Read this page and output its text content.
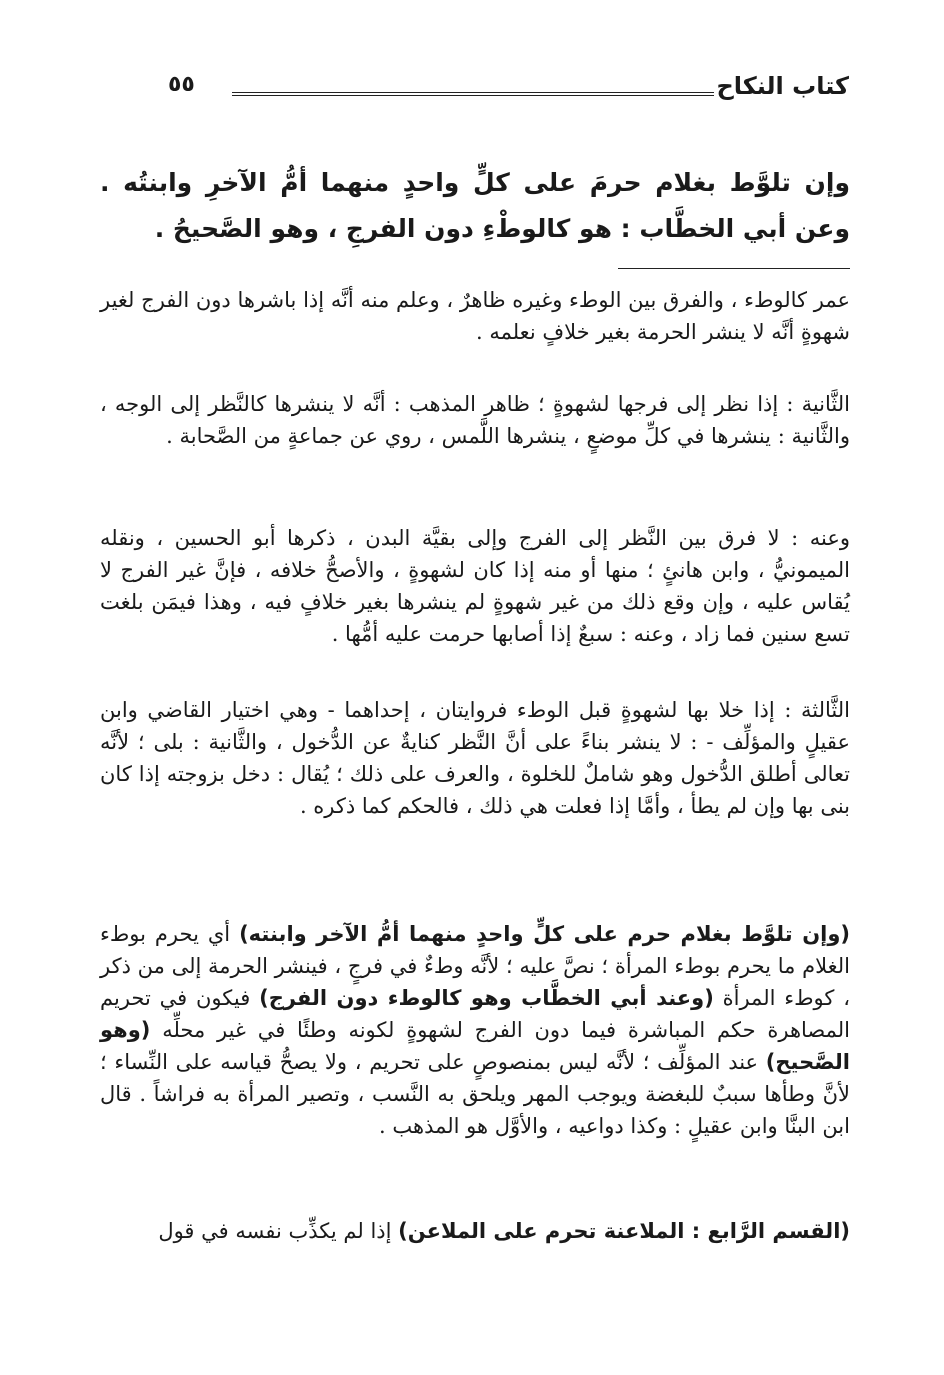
كتاب النكاح
٥٥
وإن تلوَّط بغلام حرمَ على كلٍّ واحدٍ منهما أمُّ الآخرِ وابنتُه . وعن أبي الخطَّاب : هو كالوطْءِ دون الفرجِ ، وهو الصَّحيحُ .
عمر كالوطء ، والفرق بين الوطء وغيره ظاهرٌ ، وعلم منه أنَّه إذا باشرها دون الفرج لغير شهوةٍ أنَّه لا ينشر الحرمة بغير خلافٍ نعلمه .
الثَّانية : إذا نظر إلى فرجها لشهوةٍ ؛ ظاهر المذهب : أنَّه لا ينشرها كالنَّظر إلى الوجه ، والثَّانية : ينشرها في كلِّ موضعٍ ، ينشرها اللَّمس ، روي عن جماعةٍ من الصَّحابة .
وعنه : لا فرق بين النَّظر إلى الفرج وإلى بقيَّة البدن ، ذكرها أبو الحسين ، ونقله الميمونيُّ ، وابن هانئٍ ؛ منها أو منه إذا كان لشهوةٍ ، والأصحُّ خلافه ، فإنَّ غير الفرج لا يُقاس عليه ، وإن وقع ذلك من غير شهوةٍ لم ينشرها بغير خلافٍ فيه ، وهذا فيمَن بلغت تسع سنين فما زاد ، وعنه : سبعٌ إذا أصابها حرمت عليه أمُّها .
الثَّالثة : إذا خلا بها لشهوةٍ قبل الوطء فروايتان ، إحداهما - وهي اختيار القاضي وابن عقيلٍ والمؤلِّف - : لا ينشر بناءً على أنَّ النَّظر كنايةٌ عن الدُّخول ، والثَّانية : بلى ؛ لأنَّه تعالى أطلق الدُّخول وهو شاملٌ للخلوة ، والعرف على ذلك ؛ يُقال : دخل بزوجته إذا كان بنى بها وإن لم يطأ ، وأمَّا إذا فعلت هي ذلك ، فالحكم كما ذكره .
(وإن تلوَّط بغلام حرم على كلٍّ واحدٍ منهما أمُّ الآخر وابنته) أي يحرم بوطء الغلام ما يحرم بوطء المرأة ؛ نصَّ عليه ؛ لأنَّه وطءٌ في فرجٍ ، فينشر الحرمة إلى من ذكر ، كوطء المرأة (وعند أبي الخطَّاب وهو كالوطء دون الفرج) فيكون في تحريم المصاهرة حكم المباشرة فيما دون الفرج لشهوةٍ لكونه وطئًا في غير محلِّه (وهو الصَّحيح) عند المؤلِّف ؛ لأنَّه ليس بمنصوصٍ على تحريم ، ولا يصحُّ قياسه على النِّساء ؛ لأنَّ وطأها سببٌ للبغضة ويوجب المهر ويلحق به النَّسب ، وتصير المرأة به فراشاً . قال ابن البنَّا وابن عقيلٍ : وكذا دواعيه ، والأوَّل هو المذهب .
(القسم الرَّابع : الملاعنة تحرم على الملاعن) إذا لم يكذِّب نفسه في قول
